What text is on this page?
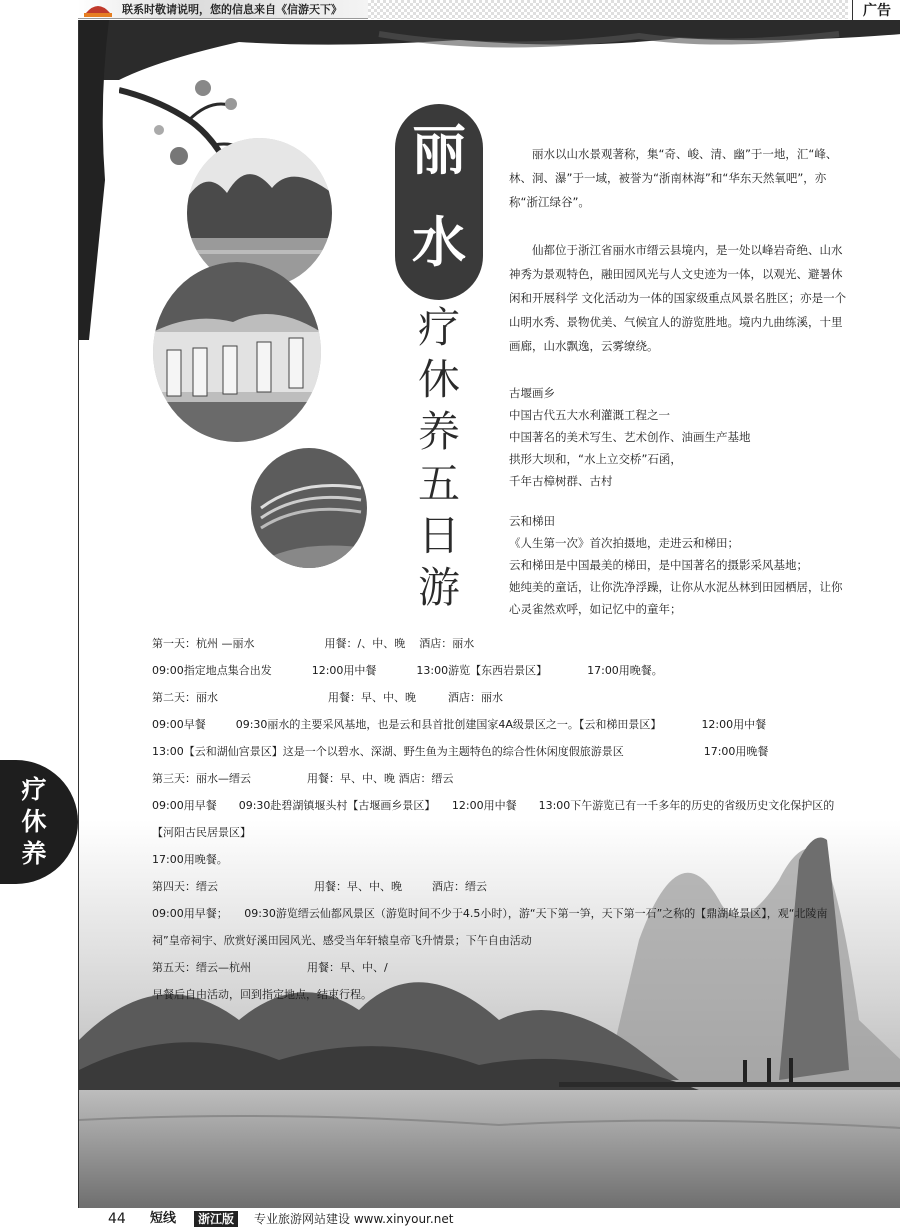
联系时敬请说明，您的信息来自《信游天下》	广告
丽水
疗休养五日游

丽水以山水景观著称，集“奇、峻、清、幽”于一地，汇“峰、林、洞、瀑”于一域，被誉为“浙南林海”和“华东天然氧吧”，亦称“浙江绿谷”。

仙都位于浙江省丽水市缙云县境内，是一处以峰岩奇绝、山水神秀为景观特色，融田园风光与人文史迹为一体，以观光、避暑休闲和开展科学 文化活动为一体的国家级重点风景名胜区；亦是一个 山明水秀、景物优美、气候宜人的游览胜地。境内九曲练溪，十里画廊，山水飘逸，云雾缭绕。

古堰画乡
中国古代五大水利灌溉工程之一
中国著名的美术写生、艺术创作、油画生产基地
拱形大坝和，“水上立交桥”石函，
千年古樟树群、古村
云和梯田
《人生第一次》首次拍摄地，走进云和梯田；
云和梯田是中国最美的梯田，是中国著名的摄影采风基地；
她纯美的童话，让你洗净浮躁，让你从水泥丛林到田园栖居，让你心灵雀然欢呼，如记忆中的童年；
第一天：杭州 —丽水	用餐：/、中、晚 酒店：丽水
09:00指定地点集合出发	12:00用中餐	13:00游览【东西岩景区】	17:00用晚餐。
第二天：丽水	用餐：早、中、晚	酒店：丽水
09:00早餐	09:30丽水的主要采风基地，也是云和县首批创建国家4A级景区之一。【云和梯田景区】	12:00用中餐
13:00【云和湖仙宫景区】这是一个以碧水、深湖、野生鱼为主题特色的综合性休闲度假旅游景区	17:00用晚餐
第三天：丽水—缙云	用餐：早、中、晚 酒店：缙云
09:00用早餐　　09:30赴碧湖镇堰头村【古堰画乡景区】　　12:00用中餐　　13:00下午游览已有一千多年的历史的省级历史文化保护区的【河阳古民居景区】
17:00用晚餐。
第四天：缙云	用餐：早、中、晚	酒店：缙云
09:00用早餐；　　09:30游览缙云仙都风景区（游览时间不少于4.5小时），游“天下第一笋，天下第一石”之称的【鼎湖峰景区】，观“北陵南祠”皇帝祠宇、欣赏好溪田园风光、感受当年轩辕皇帝飞升情景；下午自由活动
第五天：缙云—杭州	用餐：早、中、/
早餐后自由活动，回到指定地点，结束行程。
疗
休
养
44 短线	浙江版	专业旅游网站建设 www.xinyour.net
